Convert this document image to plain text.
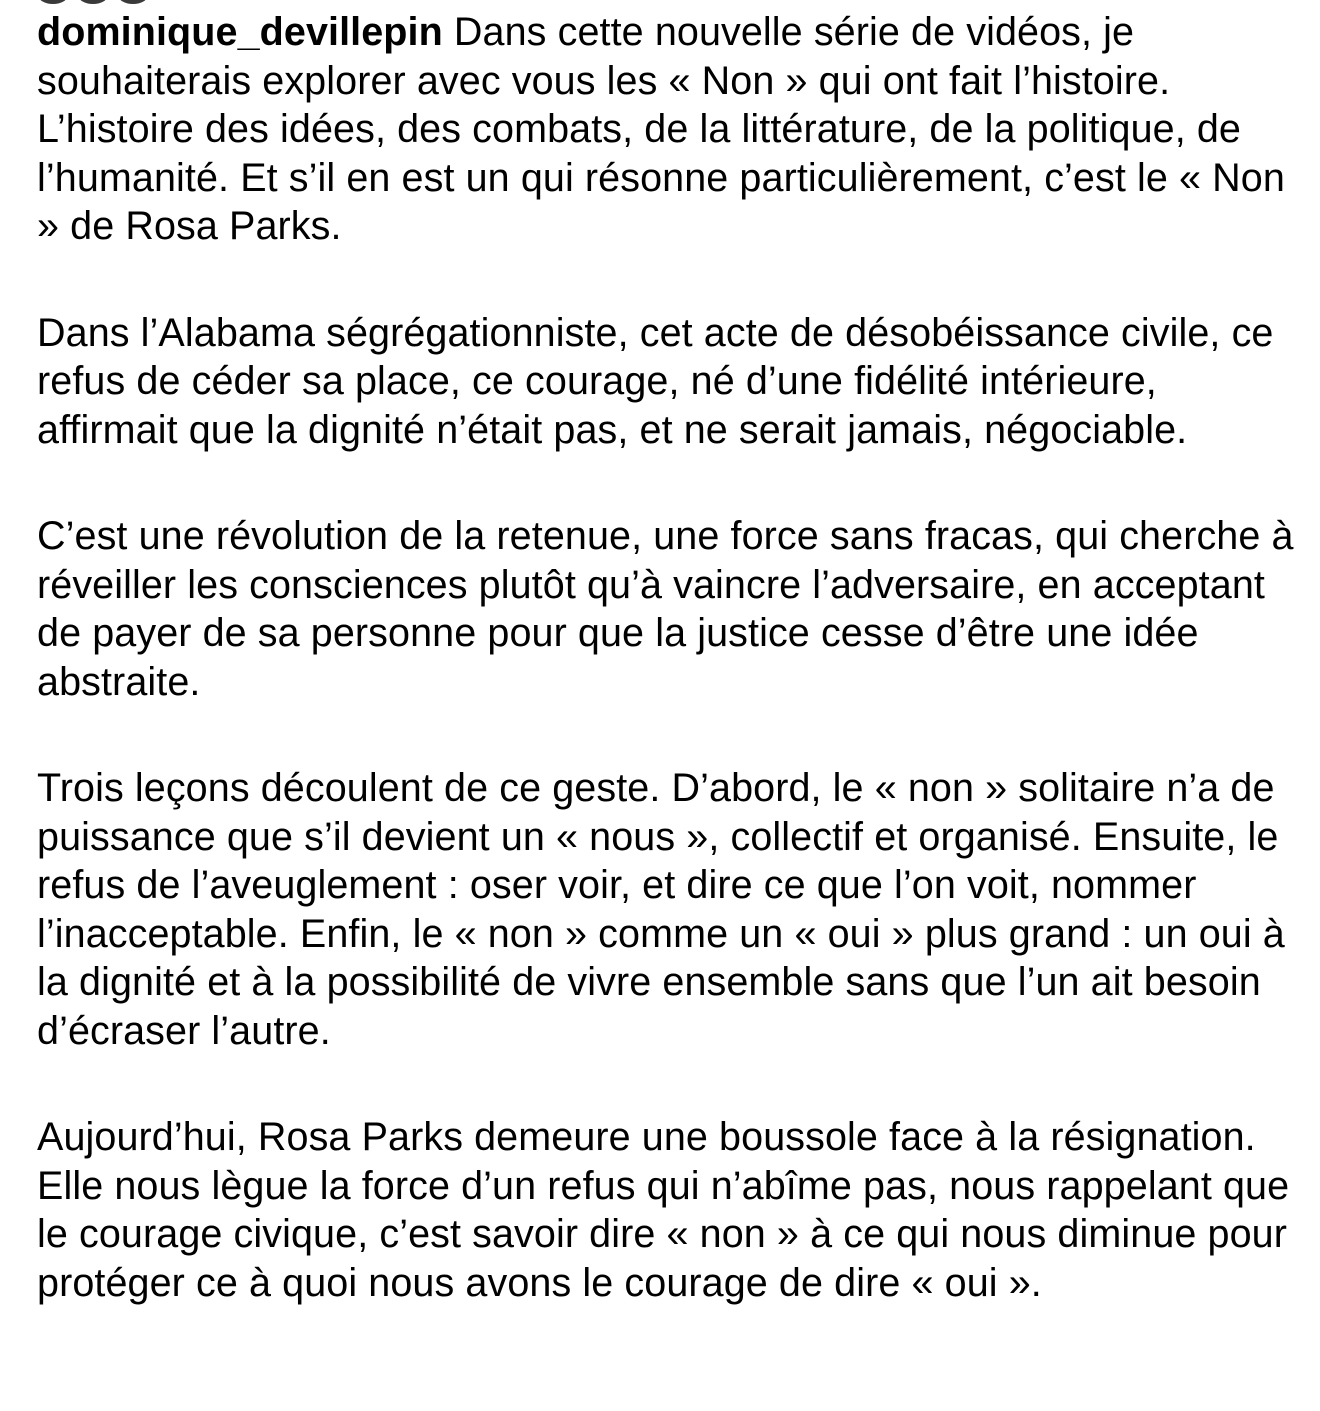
dominique_devillepin Dans cette nouvelle série de vidéos, je souhaiterais explorer avec vous les « Non » qui ont fait l’histoire. L’histoire des idées, des combats, de la littérature, de la politique, de l’humanité. Et s’il en est un qui résonne particulièrement, c’est le « Non » de Rosa Parks.

Dans l’Alabama ségrégationniste, cet acte de désobéissance civile, ce refus de céder sa place, ce courage, né d’une fidélité intérieure, affirmait que la dignité n’était pas, et ne serait jamais, négociable.

C’est une révolution de la retenue, une force sans fracas, qui cherche à réveiller les consciences plutôt qu’à vaincre l’adversaire, en acceptant de payer de sa personne pour que la justice cesse d’être une idée abstraite.

Trois leçons découlent de ce geste. D’abord, le « non » solitaire n’a de puissance que s’il devient un « nous », collectif et organisé. Ensuite, le refus de l’aveuglement : oser voir, et dire ce que l’on voit, nommer l’inacceptable. Enfin, le « non » comme un « oui » plus grand : un oui à la dignité et à la possibilité de vivre ensemble sans que l’un ait besoin d’écraser l’autre.

Aujourd’hui, Rosa Parks demeure une boussole face à la résignation. Elle nous lègue la force d’un refus qui n’abîme pas, nous rappelant que le courage civique, c’est savoir dire « non » à ce qui nous diminue pour protéger ce à quoi nous avons le courage de dire « oui ».
